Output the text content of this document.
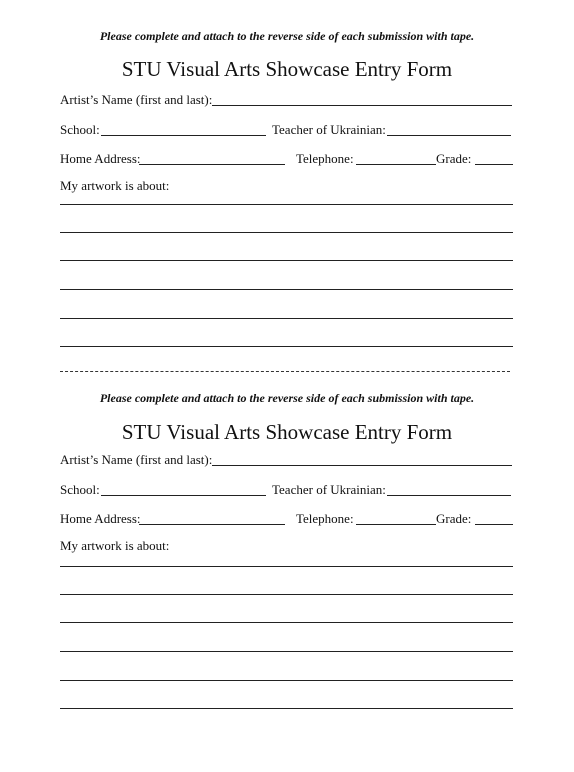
Please complete and attach to the reverse side of each submission with tape.
STU Visual Arts Showcase Entry Form
Artist’s Name (first and last):
School:	Teacher of Ukrainian:
Home Address:	Telephone:	Grade:
My artwork is about:
Please complete and attach to the reverse side of each submission with tape.
STU Visual Arts Showcase Entry Form
Artist’s Name (first and last):
School:	Teacher of Ukrainian:
Home Address:	Telephone:	Grade:
My artwork is about:
